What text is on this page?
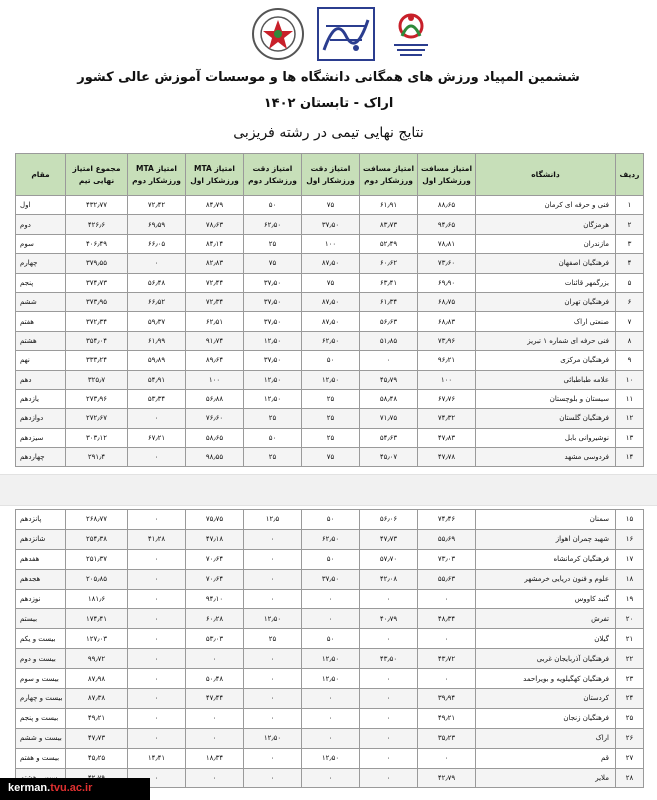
ششمین المپیاد ورزش های همگانی دانشگاه ها و موسسات آموزش عالی کشور
اراک - تابستان ۱۴۰۲
نتایج نهایی تیمی در رشته فریزبی
ردیف	دانشگاه	امتیاز مسافت ورزشکار اول	امتیاز مسافت ورزشکار دوم	امتیاز دقت ورزشکار اول	امتیاز دقت ورزشکار دوم	امتیاز MTA ورزشکار اول	امتیاز MTA ورزشکار دوم	مجموع امتیاز نهایی تیم	مقام
۱	فنی و حرفه ای کرمان	۸۸٫۶۵	۶۱٫۹۱	۷۵	۵۰	۸۴٫۷۹	۷۲٫۴۲	۴۳۲٫۷۷	اول
۲	هرمزگان	۹۴٫۶۵	۸۳٫۷۳	۳۷٫۵۰	۶۲٫۵۰	۷۸٫۶۳	۶۹٫۵۹	۴۲۶٫۶	دوم
۳	مازندران	۷۸٫۸۱	۵۲٫۴۹	۱۰۰	۲۵	۸۴٫۱۴	۶۶٫۰۵	۴۰۶٫۴۹	سوم
۴	فرهنگیان اصفهان	۷۳٫۶۰	۶۰٫۶۲	۸۷٫۵۰	۷۵	۸۲٫۸۳	۰	۳۷۹٫۵۵	چهارم
۵	بزرگمهر قائنات	۶۹٫۹۰	۶۳٫۴۱	۷۵	۳۷٫۵۰	۷۲٫۴۴	۵۶٫۴۸	۳۷۴٫۷۳	پنجم
۶	فرهنگیان تهران	۶۸٫۷۵	۶۱٫۳۴	۸۷٫۵۰	۳۷٫۵۰	۷۲٫۳۴	۶۶٫۵۲	۳۷۳٫۹۵	ششم
۷	صنعتی اراک	۶۸٫۸۳	۵۶٫۶۳	۸۷٫۵۰	۳۷٫۵۰	۶۲٫۵۱	۵۹٫۳۷	۳۷۲٫۳۴	هفتم
۸	فنی حرفه ای شماره ۱ تبریز	۷۳٫۹۶	۵۱٫۸۵	۶۲٫۵۰	۱۲٫۵۰	۹۱٫۷۴	۶۱٫۹۹	۳۵۴٫۰۴	هشتم
۹	فرهنگیان مرکزی	۹۶٫۲۱	۰	۵۰	۳۷٫۵۰	۸۹٫۶۴	۵۹٫۸۹	۳۳۳٫۲۴	نهم
۱۰	علامه طباطبائی	۱۰۰	۴۵٫۷۹	۱۲٫۵۰	۱۲٫۵۰	۱۰۰	۵۴٫۹۱	۳۲۵٫۷	دهم
۱۱	سیستان و بلوچستان	۶۷٫۷۶	۵۸٫۴۸	۲۵	۱۲٫۵۰	۵۶٫۸۸	۵۳٫۳۴	۲۷۳٫۹۶	یازدهم
۱۲	فرهنگیان گلستان	۷۴٫۳۲	۷۱٫۷۵	۲۵	۲۵	۷۶٫۶۰	۰	۲۷۲٫۶۷	دوازدهم
۱۳	نوشیروانی بابل	۴۷٫۸۳	۵۴٫۶۳	۲۵	۵۰	۵۸٫۶۵	۶۷٫۲۱	۳۰۳٫۱۲	سیزدهم
۱۴	فردوسی مشهد	۴۷٫۷۸	۴۵٫۰۷	۷۵	۲۵	۹۸٫۵۵	۰	۲۹۱٫۴	چهاردهم
۱۵	سمنان	۷۴٫۴۶	۵۶٫۰۶	۵۰	۱۲٫۵	۷۵٫۷۵	۰	۲۶۸٫۷۷	پانزدهم
۱۶	شهید چمران اهواز	۵۵٫۶۹	۴۷٫۷۳	۶۲٫۵۰	۰	۴۷٫۱۸	۴۱٫۲۸	۲۵۴٫۳۸	شانزدهم
۱۷	فرهنگیان کرمانشاه	۷۳٫۰۳	۵۷٫۷۰	۵۰	۰	۷۰٫۶۴	۰	۲۵۱٫۳۷	هفدهم
۱۸	علوم و فنون دریایی خرمشهر	۵۵٫۶۳	۴۲٫۰۸	۳۷٫۵۰	۰	۷۰٫۶۴	۰	۲۰۵٫۸۵	هجدهم
۱۹	گنبد کاووس	۰	۰	۰	۰	۹۴٫۱۰	۰	۱۸۱٫۶	نوزدهم
۲۰	تفرش	۴۸٫۳۴	۴۰٫۷۹	۰	۱۲٫۵۰	۶۰٫۲۸	۰	۱۷۴٫۴۱	بیستم
۲۱	گیلان	۰	۰	۵۰	۲۵	۵۳٫۰۳	۰	۱۲۷٫۰۳	بیست و یکم
۲۲	فرهنگیان آذربایجان غربی	۴۳٫۷۲	۴۳٫۵۰	۱۲٫۵۰	۰	۰	۰	۹۹٫۷۲	بیست و دوم
۲۳	فرهنگیان کهگیلویه و بویراحمد	۰	۰	۱۲٫۵۰	۰	۵۰٫۴۸	۰	۸۷٫۹۸	بیست و سوم
۲۴	کردستان	۳۹٫۹۴	۰	۰	۰	۴۷٫۴۴	۰	۸۷٫۳۸	بیست و چهارم
۲۵	فرهنگیان زنجان	۴۹٫۲۱	۰	۰	۰	۰	۰	۴۹٫۲۱	بیست و پنجم
۲۶	اراک	۳۵٫۲۳	۰	۰	۱۲٫۵۰	۰	۰	۴۷٫۷۳	بیست و ششم
۲۷	قم	۰	۰	۱۲٫۵۰	۰	۱۸٫۳۴	۱۴٫۴۱	۴۵٫۲۵	بیست و هفتم
۲۸	ملایر	۴۲٫۷۹	۰	۰	۰	۰	۰		
kerman.tvu.ac.ir
